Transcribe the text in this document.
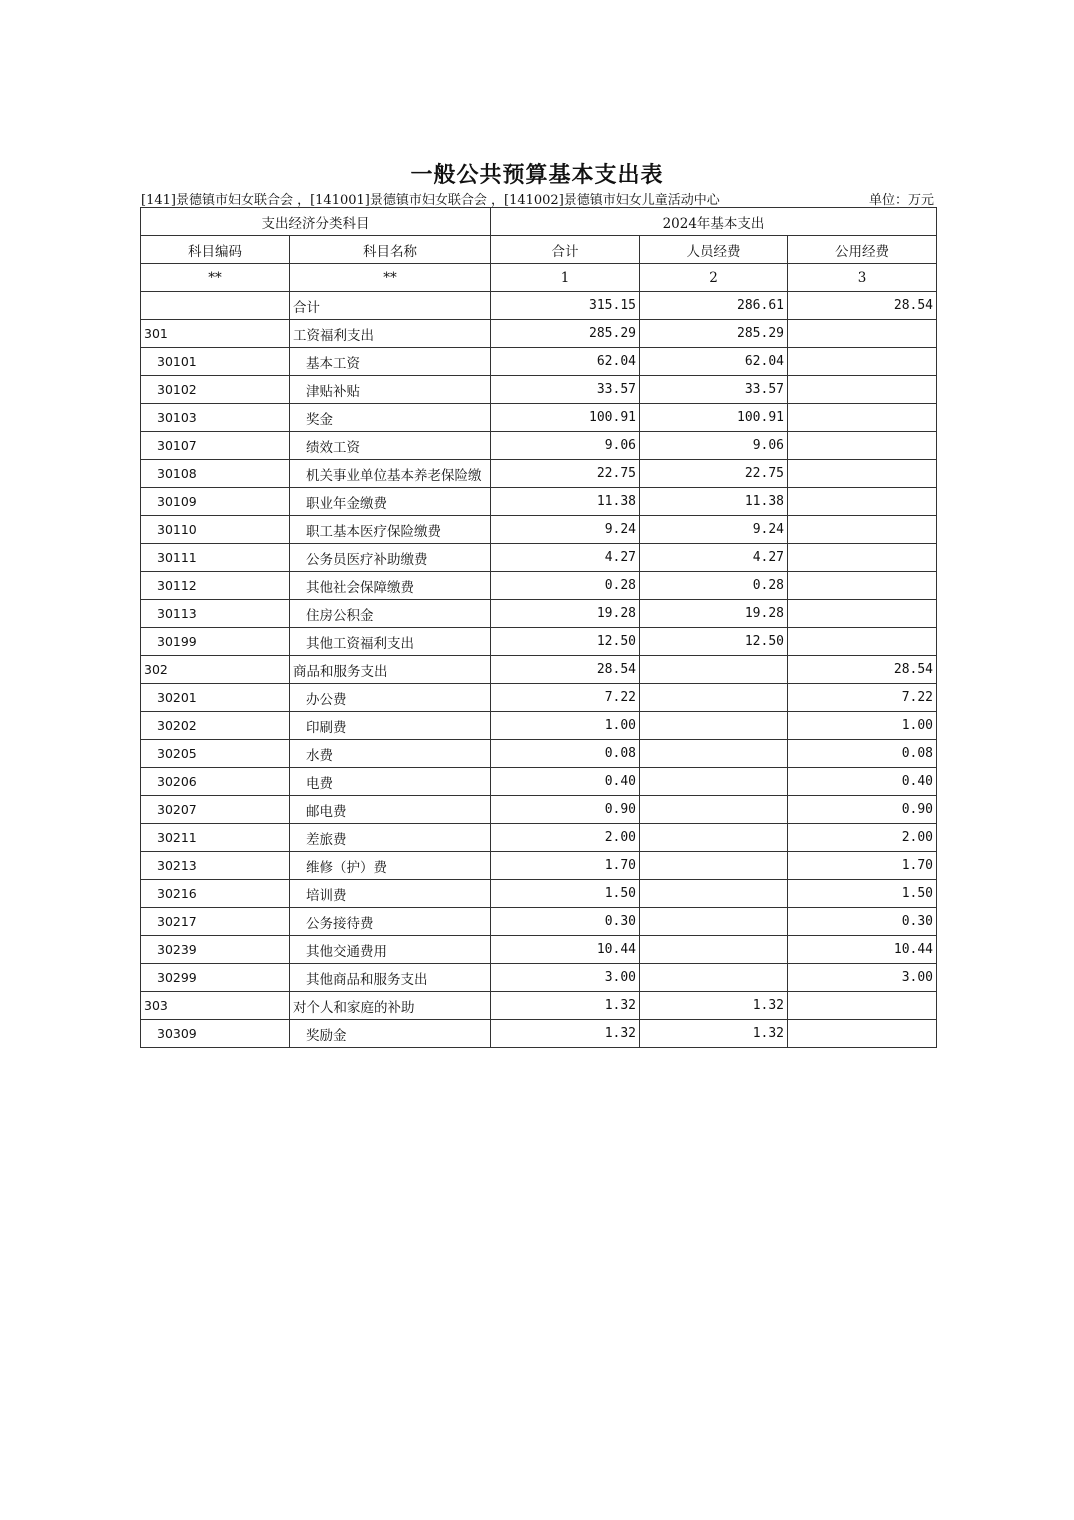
一般公共预算基本支出表
[141]景德镇市妇女联合会 ，[141001]景德镇市妇女联合会 ，[141002]景德镇市妇女儿童活动中心	单位：万元
支出经济分类科目		2024年基本支出		
科目编码	科目名称	合计	人员经费	公用经费
**	**	1	2	3
	合计	315.15	286.61	28.54
301	工资福利支出	285.29	285.29	
30101	基本工资	62.04	62.04	
30102	津贴补贴	33.57	33.57	
30103	奖金	100.91	100.91	
30107	绩效工资	9.06	9.06	
30108	机关事业单位基本养老保险缴	22.75	22.75	
30109	职业年金缴费	11.38	11.38	
30110	职工基本医疗保险缴费	9.24	9.24	
30111	公务员医疗补助缴费	4.27	4.27	
30112	其他社会保障缴费	0.28	0.28	
30113	住房公积金	19.28	19.28	
30199	其他工资福利支出	12.50	12.50	
302	商品和服务支出	28.54		28.54
30201	办公费	7.22		7.22
30202	印刷费	1.00		1.00
30205	水费	0.08		0.08
30206	电费	0.40		0.40
30207	邮电费	0.90		0.90
30211	差旅费	2.00		2.00
30213	维修（护）费	1.70		1.70
30216	培训费	1.50		1.50
30217	公务接待费	0.30		0.30
30239	其他交通费用	10.44		10.44
30299	其他商品和服务支出	3.00		3.00
303	对个人和家庭的补助	1.32	1.32	
30309	奖励金	1.32	1.32	
